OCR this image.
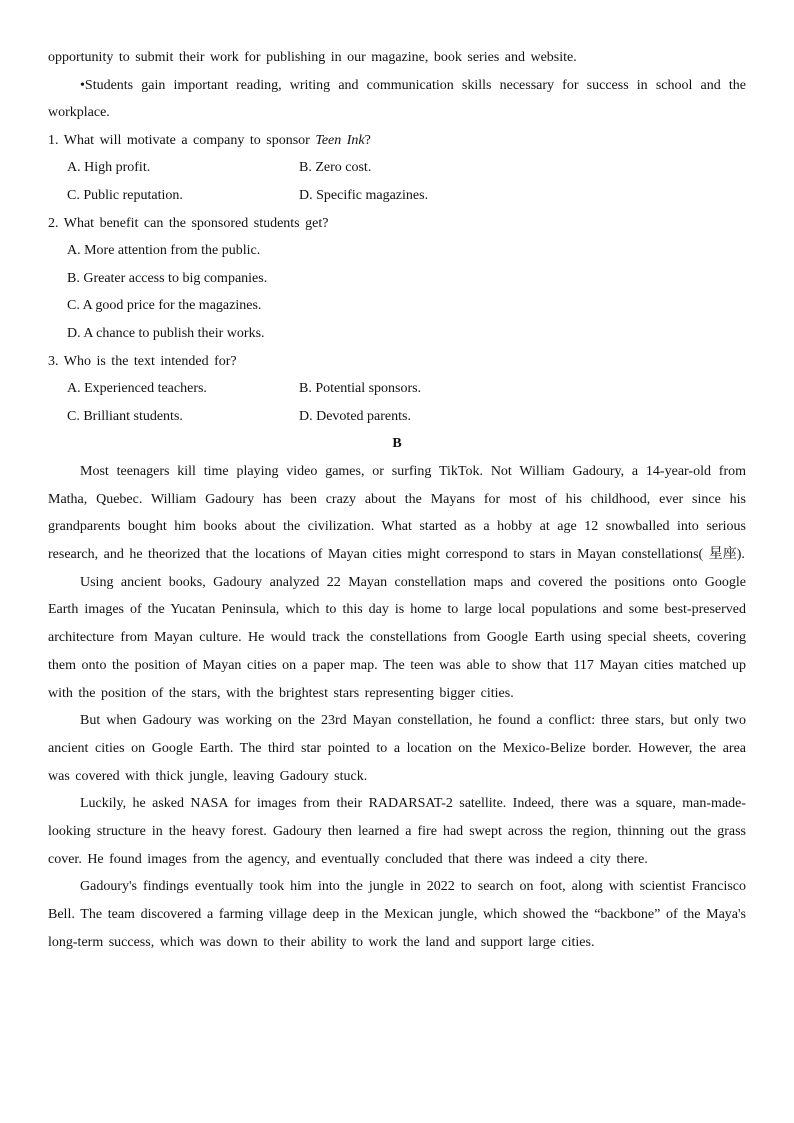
opportunity to submit their work for publishing in our magazine, book series and website.

•Students gain important reading, writing and communication skills necessary for success in school and the workplace.

1. What will motivate a company to sponsor Teen Ink?
A. High profit.	B. Zero cost.
C. Public reputation.	D. Specific magazines.
2. What benefit can the sponsored students get?
A. More attention from the public.
B. Greater access to big companies.
C. A good price for the magazines.
D. A chance to publish their works.
3. Who is the text intended for?
A. Experienced teachers.	B. Potential sponsors.
C. Brilliant students.	D. Devoted parents.
B

Most teenagers kill time playing video games, or surfing TikTok. Not William Gadoury, a 14-year-old from Matha, Quebec. William Gadoury has been crazy about the Mayans for most of his childhood, ever since his grandparents bought him books about the civilization. What started as a hobby at age 12 snowballed into serious research, and he theorized that the locations of Mayan cities might correspond to stars in Mayan constellations( 星座).

Using ancient books, Gadoury analyzed 22 Mayan constellation maps and covered the positions onto Google Earth images of the Yucatan Peninsula, which to this day is home to large local populations and some best-preserved architecture from Mayan culture. He would track the constellations from Google Earth using special sheets, covering them onto the position of Mayan cities on a paper map. The teen was able to show that 117 Mayan cities matched up with the position of the stars, with the brightest stars representing bigger cities.

But when Gadoury was working on the 23rd Mayan constellation, he found a conflict: three stars, but only two ancient cities on Google Earth. The third star pointed to a location on the Mexico-Belize border. However, the area was covered with thick jungle, leaving Gadoury stuck.

Luckily, he asked NASA for images from their RADARSAT-2 satellite. Indeed, there was a square, man-made-looking structure in the heavy forest. Gadoury then learned a fire had swept across the region, thinning out the grass cover. He found images from the agency, and eventually concluded that there was indeed a city there.

Gadoury's findings eventually took him into the jungle in 2022 to search on foot, along with scientist Francisco Bell. The team discovered a farming village deep in the Mexican jungle, which showed the “backbone” of the Maya's long-term success, which was down to their ability to work the land and support large cities.
